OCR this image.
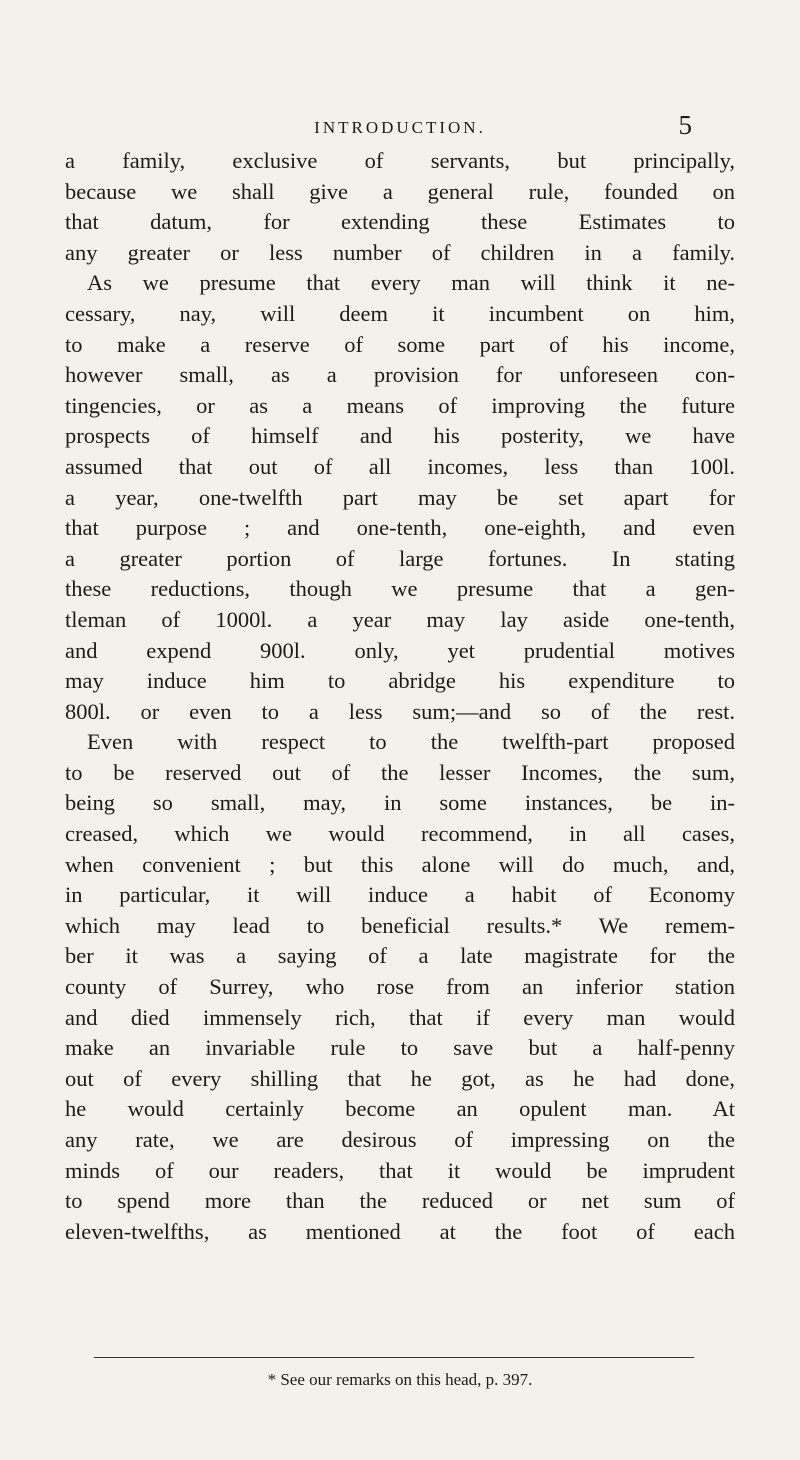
INTRODUCTION.	5
a family, exclusive of servants, but principally,
because we shall give a general rule, founded on
that datum, for extending these Estimates to
any greater or less number of children in a family.
As we presume that every man will think it ne-
cessary, nay, will deem it incumbent on him,
to make a reserve of some part of his income,
however small, as a provision for unforeseen con-
tingencies, or as a means of improving the future
prospects of himself and his posterity, we have
assumed that out of all incomes, less than 100l.
a year, one-twelfth part may be set apart for
that purpose ; and one-tenth, one-eighth, and even
a greater portion of large fortunes. In stating
these reductions, though we presume that a gen-
tleman of 1000l. a year may lay aside one-tenth,
and expend 900l. only, yet prudential motives
may induce him to abridge his expenditure to
800l. or even to a less sum;—and so of the rest.
Even with respect to the twelfth-part proposed
to be reserved out of the lesser Incomes, the sum,
being so small, may, in some instances, be in-
creased, which we would recommend, in all cases,
when convenient ; but this alone will do much, and,
in particular, it will induce a habit of Economy
which may lead to beneficial results.* We remem-
ber it was a saying of a late magistrate for the
county of Surrey, who rose from an inferior station
and died immensely rich, that if every man would
make an invariable rule to save but a half-penny
out of every shilling that he got, as he had done,
he would certainly become an opulent man. At
any rate, we are desirous of impressing on the
minds of our readers, that it would be imprudent
to spend more than the reduced or net sum of
eleven-twelfths, as mentioned at the foot of each
* See our remarks on this head, p. 397.
